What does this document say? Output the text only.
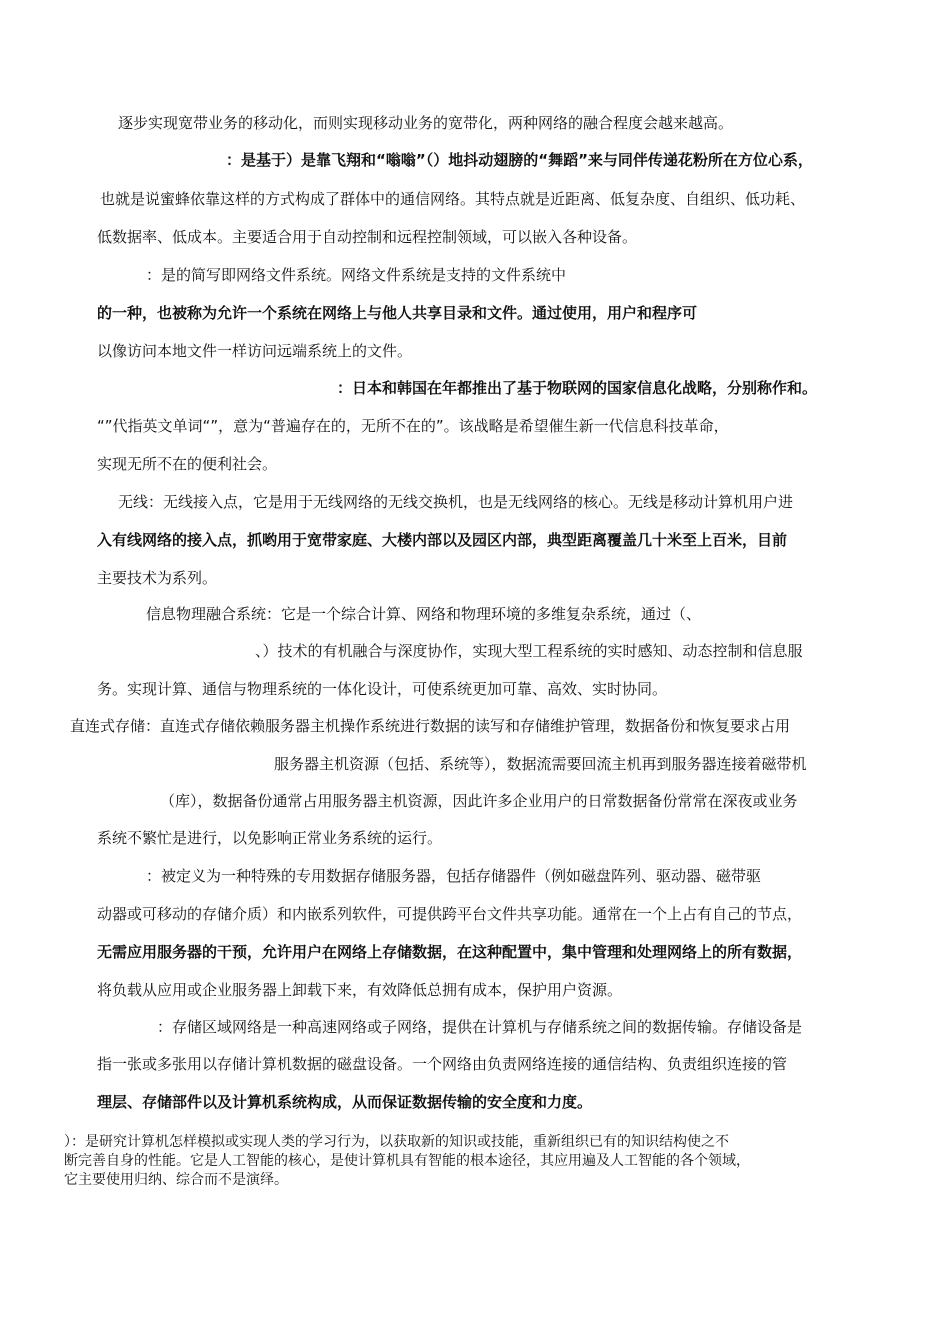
逐步实现宽带业务的移动化，而则实现移动业务的宽带化，两种网络的融合程度会越来越高。

：是基于）是靠飞翔和“嗡嗡”（）地抖动翅膀的“舞蹈”来与同伴传递花粉所在方位心系，

也就是说蜜蜂依靠这样的方式构成了群体中的通信网络。其特点就是近距离、低复杂度、自组织、低功耗、

低数据率、低成本。主要适合用于自动控制和远程控制领域，可以嵌入各种设备。

：是的简写即网络文件系统。网络文件系统是支持的文件系统中

的一种，也被称为允许一个系统在网络上与他人共享目录和文件。通过使用，用户和程序可

以像访问本地文件一样访问远端系统上的文件。

：日本和韩国在年都推出了基于物联网的国家信息化战略，分别称作和。

“”代指英文单词“”，意为“普遍存在的，无所不在的”。该战略是希望催生新一代信息科技革命，

实现无所不在的便利社会。

无线：无线接入点，它是用于无线网络的无线交换机，也是无线网络的核心。无线是移动计算机用户进

入有线网络的接入点，抓哟用于宽带家庭、大楼内部以及园区内部，典型距离覆盖几十米至上百米，目前

主要技术为系列。

信息物理融合系统：它是一个综合计算、网络和物理环境的多维复杂系统，通过（、

、）技术的有机融合与深度协作，实现大型工程系统的实时感知、动态控制和信息服

务。实现计算、通信与物理系统的一体化设计，可使系统更加可靠、高效、实时协同。

直连式存储：直连式存储依赖服务器主机操作系统进行数据的读写和存储维护管理，数据备份和恢复要求占用

服务器主机资源（包括、系统等），数据流需要回流主机再到服务器连接着磁带机

（库），数据备份通常占用服务器主机资源，因此许多企业用户的日常数据备份常常在深夜或业务

系统不繁忙是进行，以免影响正常业务系统的运行。

：被定义为一种特殊的专用数据存储服务器，包括存储器件（例如磁盘阵列、驱动器、磁带驱

动器或可移动的存储介质）和内嵌系列软件，可提供跨平台文件共享功能。通常在一个上占有自己的节点，

无需应用服务器的干预，允许用户在网络上存储数据，在这种配置中，集中管理和处理网络上的所有数据，

将负载从应用或企业服务器上卸载下来，有效降低总拥有成本，保护用户资源。

：存储区域网络是一种高速网络或子网络，提供在计算机与存储系统之间的数据传输。存储设备是

指一张或多张用以存储计算机数据的磁盘设备。一个网络由负责网络连接的通信结构、负责组织连接的管

理层、存储部件以及计算机系统构成，从而保证数据传输的安全度和力度。

）：是研究计算机怎样模拟或实现人类的学习行为，以获取新的知识或技能，重新组织已有的知识结构使之不

断完善自身的性能。它是人工智能的核心，是使计算机具有智能的根本途径，其应用遍及人工智能的各个领域，

它主要使用归纳、综合而不是演绎。
